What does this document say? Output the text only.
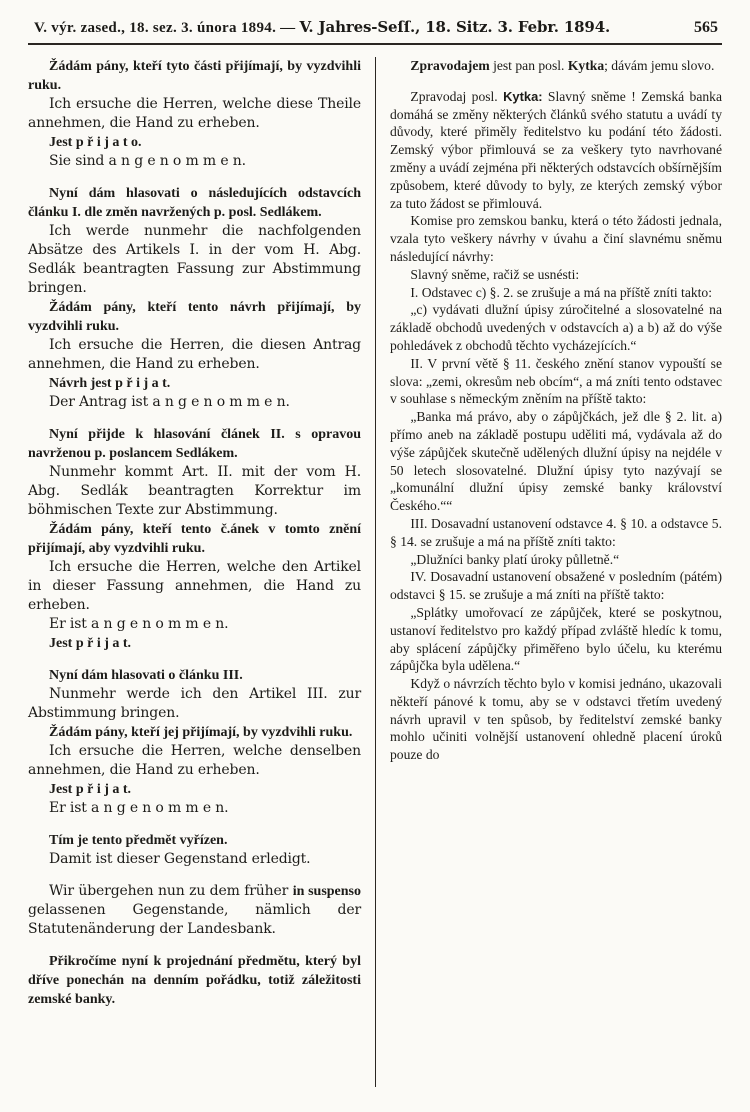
V. výr. zased., 18. sez. 3. února 1894. — V. Jahres-Seſſ., 18. Sitz. 3. Febr. 1894.	565

Žádám pány, kteří tyto části přijímají, by vyzdvihli ruku.

Ich ersuche die Herren, welche diese Theile annehmen, die Hand zu erheben.

Jest p ř i j a t o.

Sie sind a n g e n o m m e n.

Nyní dám hlasovati o následujících odstavcích článku I. dle změn navržených p. posl. Sedlákem.

Ich werde nunmehr die nachfolgenden Absätze des Artikels I. in der vom H. Abg. Sedlák beantragten Fassung zur Abstimmung bringen.

Žádám pány, kteří tento návrh přijímají, by vyzdvihli ruku.

Ich ersuche die Herren, die diesen Antrag annehmen, die Hand zu erheben.

Návrh jest p ř i j a t.

Der Antrag ist a n g e n o m m e n.

Nyní přijde k hlasování článek II. s opravou navrženou p. poslancem Sedlákem.

Nunmehr kommt Art. II. mit der vom H. Abg. Sedlák beantragten Korrektur im böhmischen Texte zur Abstimmung.

Žádám pány, kteří tento č.ánek v tomto znění přijímají, aby vyzdvihli ruku.

Ich ersuche die Herren, welche den Artikel in dieser Fassung annehmen, die Hand zu erheben.

Er ist a n g e n o m m e n.

Jest p ř i j a t.

Nyní dám hlasovati o článku III.

Nunmehr werde ich den Artikel III. zur Abstimmung bringen.

Žádám pány, kteří jej přijímají, by vyzdvihli ruku.

Ich ersuche die Herren, welche denselben annehmen, die Hand zu erheben.

Jest p ř i j a t.

Er ist a n g e n o m m e n.

Tím je tento předmět vyřízen.

Damit ist dieser Gegenstand erledigt.

Wir übergehen nun zu dem früher in suspenso gelassenen Gegenstande, nämlich der Statutenänderung der Landesbank.

Přikročíme nyní k projednání předmětu, který byl dříve ponechán na denním pořádku, totiž záležitosti zemské banky.

Zpravodajem jest pan posl. Kytka; dávám jemu slovo.

Zpravodaj posl. Kytka: Slavný sněme ! Zemská banka domáhá se změny některých článků svého statutu a uvádí ty důvody, které přiměly ředitelstvo ku podání této žádosti. Zemský výbor přimlouvá se za veškery tyto navrhované změny a uvádí zejména při některých odstavcích obšírnějším způsobem, které důvody to byly, ze kterých zemský výbor za tuto žádost se přimlouvá.

Komise pro zemskou banku, která o této žádosti jednala, vzala tyto veškery návrhy v úvahu a činí slavnému sněmu následující návrhy:

Slavný sněme, račiž se usnésti:

I. Odstavec c) §. 2. se zrušuje a má na příště zníti takto:

„c) vydávati dlužní úpisy zúročitelné a slosovatelné na základě obchodů uvedených v odstavcích a) a b) až do výše pohledávek z obchodů těchto vycházejících.“

II. V první větě § 11. českého znění stanov vypouští se slova: „zemi, okresům neb obcím“, a má zníti tento odstavec v souhlase s německým zněním na příště takto:

„Banka má právo, aby o zápůjčkách, jež dle § 2. lit. a) přímo aneb na základě postupu uděliti má, vydávala až do výše zápůjček skutečně udělených dlužní úpisy na nejdéle v 50 letech slosovatelné. Dlužní úpisy tyto nazývají se „komunální dlužní úpisy zemské banky království Českého.““

III. Dosavadní ustanovení odstavce 4. § 10. a odstavce 5. § 14. se zrušuje a má na příště zníti takto:

„Dlužníci banky platí úroky půlletně.“

IV. Dosavadní ustanovení obsažené v posledním (pátém) odstavci § 15. se zrušuje a má zníti na příště takto:

„Splátky umořovací ze zápůjček, které se poskytnou, ustanoví ředitelstvo pro každý případ zvláště hledíc k tomu, aby splácení zápůjčky přiměřeno bylo účelu, ku kterému zápůjčka byla udělena.“

Když o návrzích těchto bylo v komisi jednáno, ukazovali někteří pánové k tomu, aby se v odstavci třetím uvedený návrh upravil v ten spůsob, by ředitelství zemské banky mohlo učiniti volnější ustanovení ohledně placení úroků pouze do
